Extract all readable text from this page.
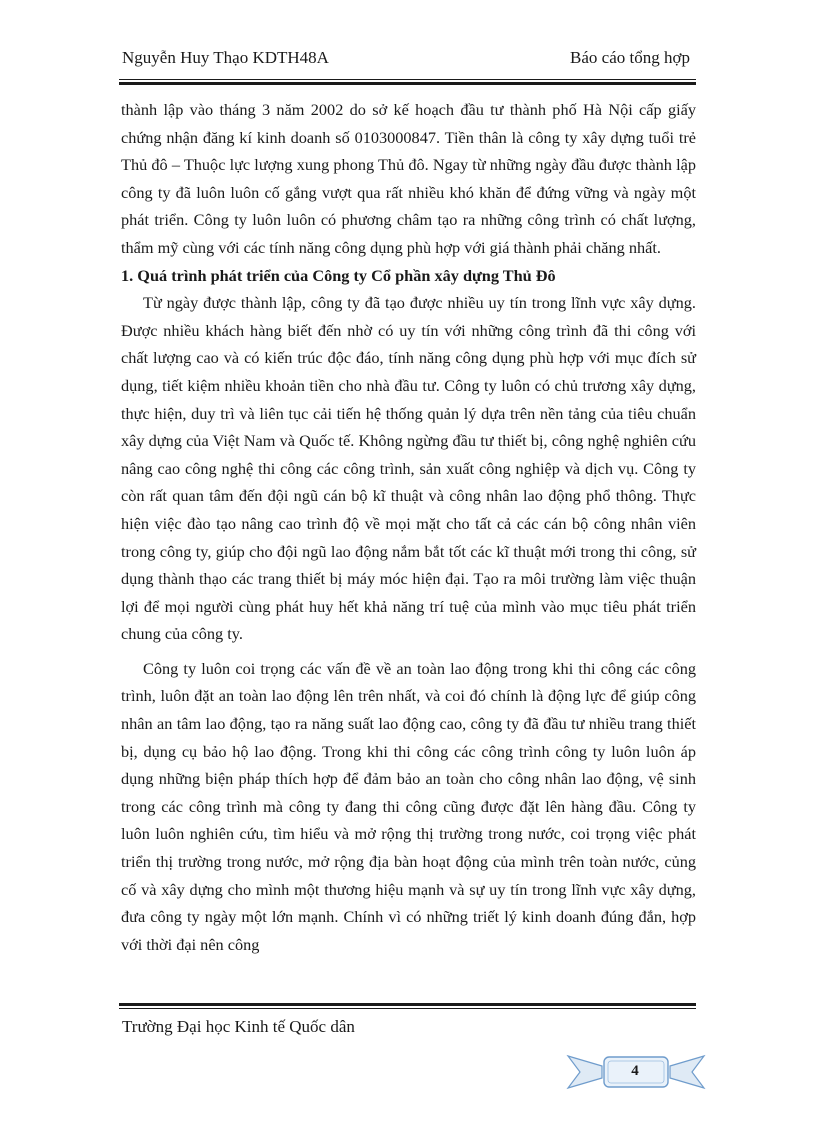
Nguyễn Huy Thạo KDTH48A	Báo cáo tổng hợp

thành lập vào tháng 3 năm 2002 do sở kế hoạch đầu tư thành phố Hà Nội cấp giấy chứng nhận đăng kí kinh doanh số 0103000847. Tiền thân là công ty xây dựng tuổi trẻ Thủ đô – Thuộc lực lượng xung phong Thủ đô. Ngay từ những ngày đầu được thành lập công ty đã luôn luôn cố gắng vượt qua rất nhiều khó khăn để đứng vững và ngày một phát triển. Công ty luôn luôn có phương châm tạo ra những công trình có chất lượng, thẩm mỹ cùng với các tính năng công dụng phù hợp với giá thành phải chăng nhất.

1. Quá trình phát triển của Công ty Cổ phần xây dựng Thủ Đô

Từ ngày được thành lập, công ty đã tạo được nhiều uy tín trong lĩnh vực xây dựng. Được nhiều khách hàng biết đến nhờ có uy tín với những công trình đã thi công với chất lượng cao và có kiến trúc độc đáo, tính năng công dụng phù hợp với mục đích sử dụng, tiết kiệm nhiều khoản tiền cho nhà đầu tư. Công ty luôn có chủ trương xây dựng, thực hiện, duy trì và liên tục cải tiến hệ thống quản lý dựa trên nền tảng của tiêu chuẩn xây dựng của Việt Nam và Quốc tế. Không ngừng đầu tư thiết bị, công nghệ nghiên cứu nâng cao công nghệ thi công các công trình, sản xuất công nghiệp và dịch vụ. Công ty còn rất quan tâm đến đội ngũ cán bộ kĩ thuật và công nhân lao động phổ thông. Thực hiện việc đào tạo nâng cao trình độ về mọi mặt cho tất cả các cán bộ công nhân viên trong công ty, giúp cho đội ngũ lao động nắm bắt tốt các kĩ thuật mới trong thi công, sử dụng thành thạo các trang thiết bị máy móc hiện đại. Tạo ra môi trường làm việc thuận lợi để mọi người cùng phát huy hết khả năng trí tuệ của mình vào mục tiêu phát triển chung của công ty.

Công ty luôn coi trọng các vấn đề về an toàn lao động trong khi thi công các công trình, luôn đặt an toàn lao động lên trên nhất, và coi đó chính là động lực để giúp công nhân an tâm lao động, tạo ra năng suất lao động cao, công ty đã đầu tư nhiều trang thiết bị, dụng cụ bảo hộ lao động. Trong khi thi công các công trình công ty luôn luôn áp dụng những biện pháp thích hợp để đảm bảo an toàn cho công nhân lao động, vệ sinh trong các công trình mà công ty đang thi công cũng được đặt lên hàng đầu. Công ty luôn luôn nghiên cứu, tìm hiểu và mở rộng thị trường trong nước, coi trọng việc phát triển thị trường trong nước, mở rộng địa bàn hoạt động của mình trên toàn nước, củng cố và xây dựng cho mình một thương hiệu mạnh và sự uy tín trong lĩnh vực xây dựng, đưa công ty ngày một lớn mạnh. Chính vì có những triết lý kinh doanh đúng đắn, hợp với thời đại nên công

Trường Đại học Kinh tế Quốc dân
4
